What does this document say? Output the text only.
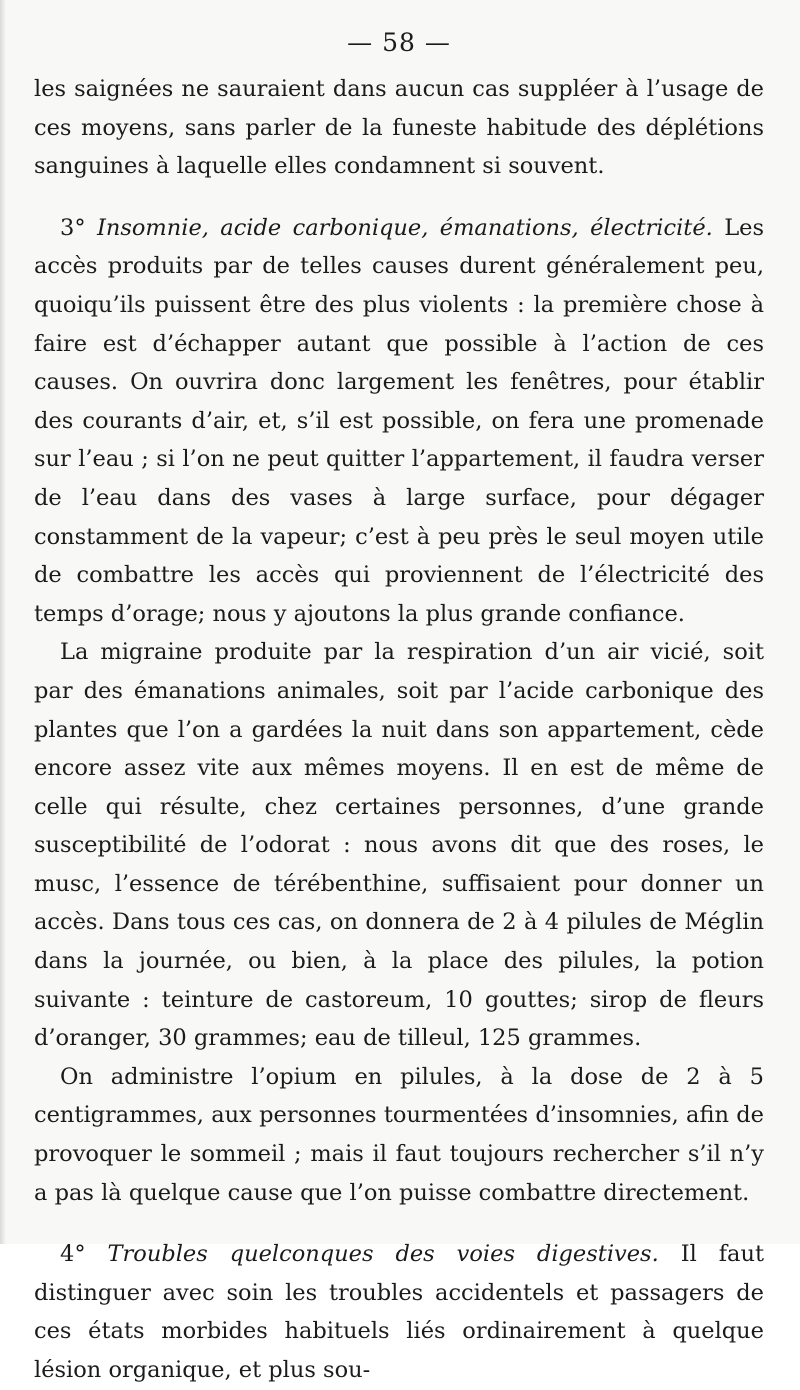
— 58 —

les saignées ne sauraient dans aucun cas suppléer à l’usage de ces moyens, sans parler de la funeste habitude des déplétions sanguines à laquelle elles condamnent si souvent.

3° Insomnie, acide carbonique, émanations, électricité. Les accès produits par de telles causes durent généralement peu, quoiqu’ils puissent être des plus violents : la première chose à faire est d’échapper autant que possible à l’action de ces causes. On ouvrira donc largement les fenêtres, pour établir des courants d’air, et, s’il est possible, on fera une promenade sur l’eau ; si l’on ne peut quitter l’appartement, il faudra verser de l’eau dans des vases à large surface, pour dégager constamment de la vapeur; c’est à peu près le seul moyen utile de combattre les accès qui proviennent de l’électricité des temps d’orage; nous y ajoutons la plus grande confiance.

La migraine produite par la respiration d’un air vicié, soit par des émanations animales, soit par l’acide carbonique des plantes que l’on a gardées la nuit dans son appartement, cède encore assez vite aux mêmes moyens. Il en est de même de celle qui résulte, chez certaines personnes, d’une grande susceptibilité de l’odorat : nous avons dit que des roses, le musc, l’essence de térébenthine, suffisaient pour donner un accès. Dans tous ces cas, on donnera de 2 à 4 pilules de Méglin dans la journée, ou bien, à la place des pilules, la potion suivante : teinture de castoreum, 10 gouttes; sirop de fleurs d’oranger, 30 grammes; eau de tilleul, 125 grammes.

On administre l’opium en pilules, à la dose de 2 à 5 centigrammes, aux personnes tourmentées d’insomnies, afin de provoquer le sommeil ; mais il faut toujours rechercher s’il n’y a pas là quelque cause que l’on puisse combattre directement.

4° Troubles quelconques des voies digestives. Il faut distinguer avec soin les troubles accidentels et passagers de ces états morbides habituels liés ordinairement à quelque lésion organique, et plus sou-
